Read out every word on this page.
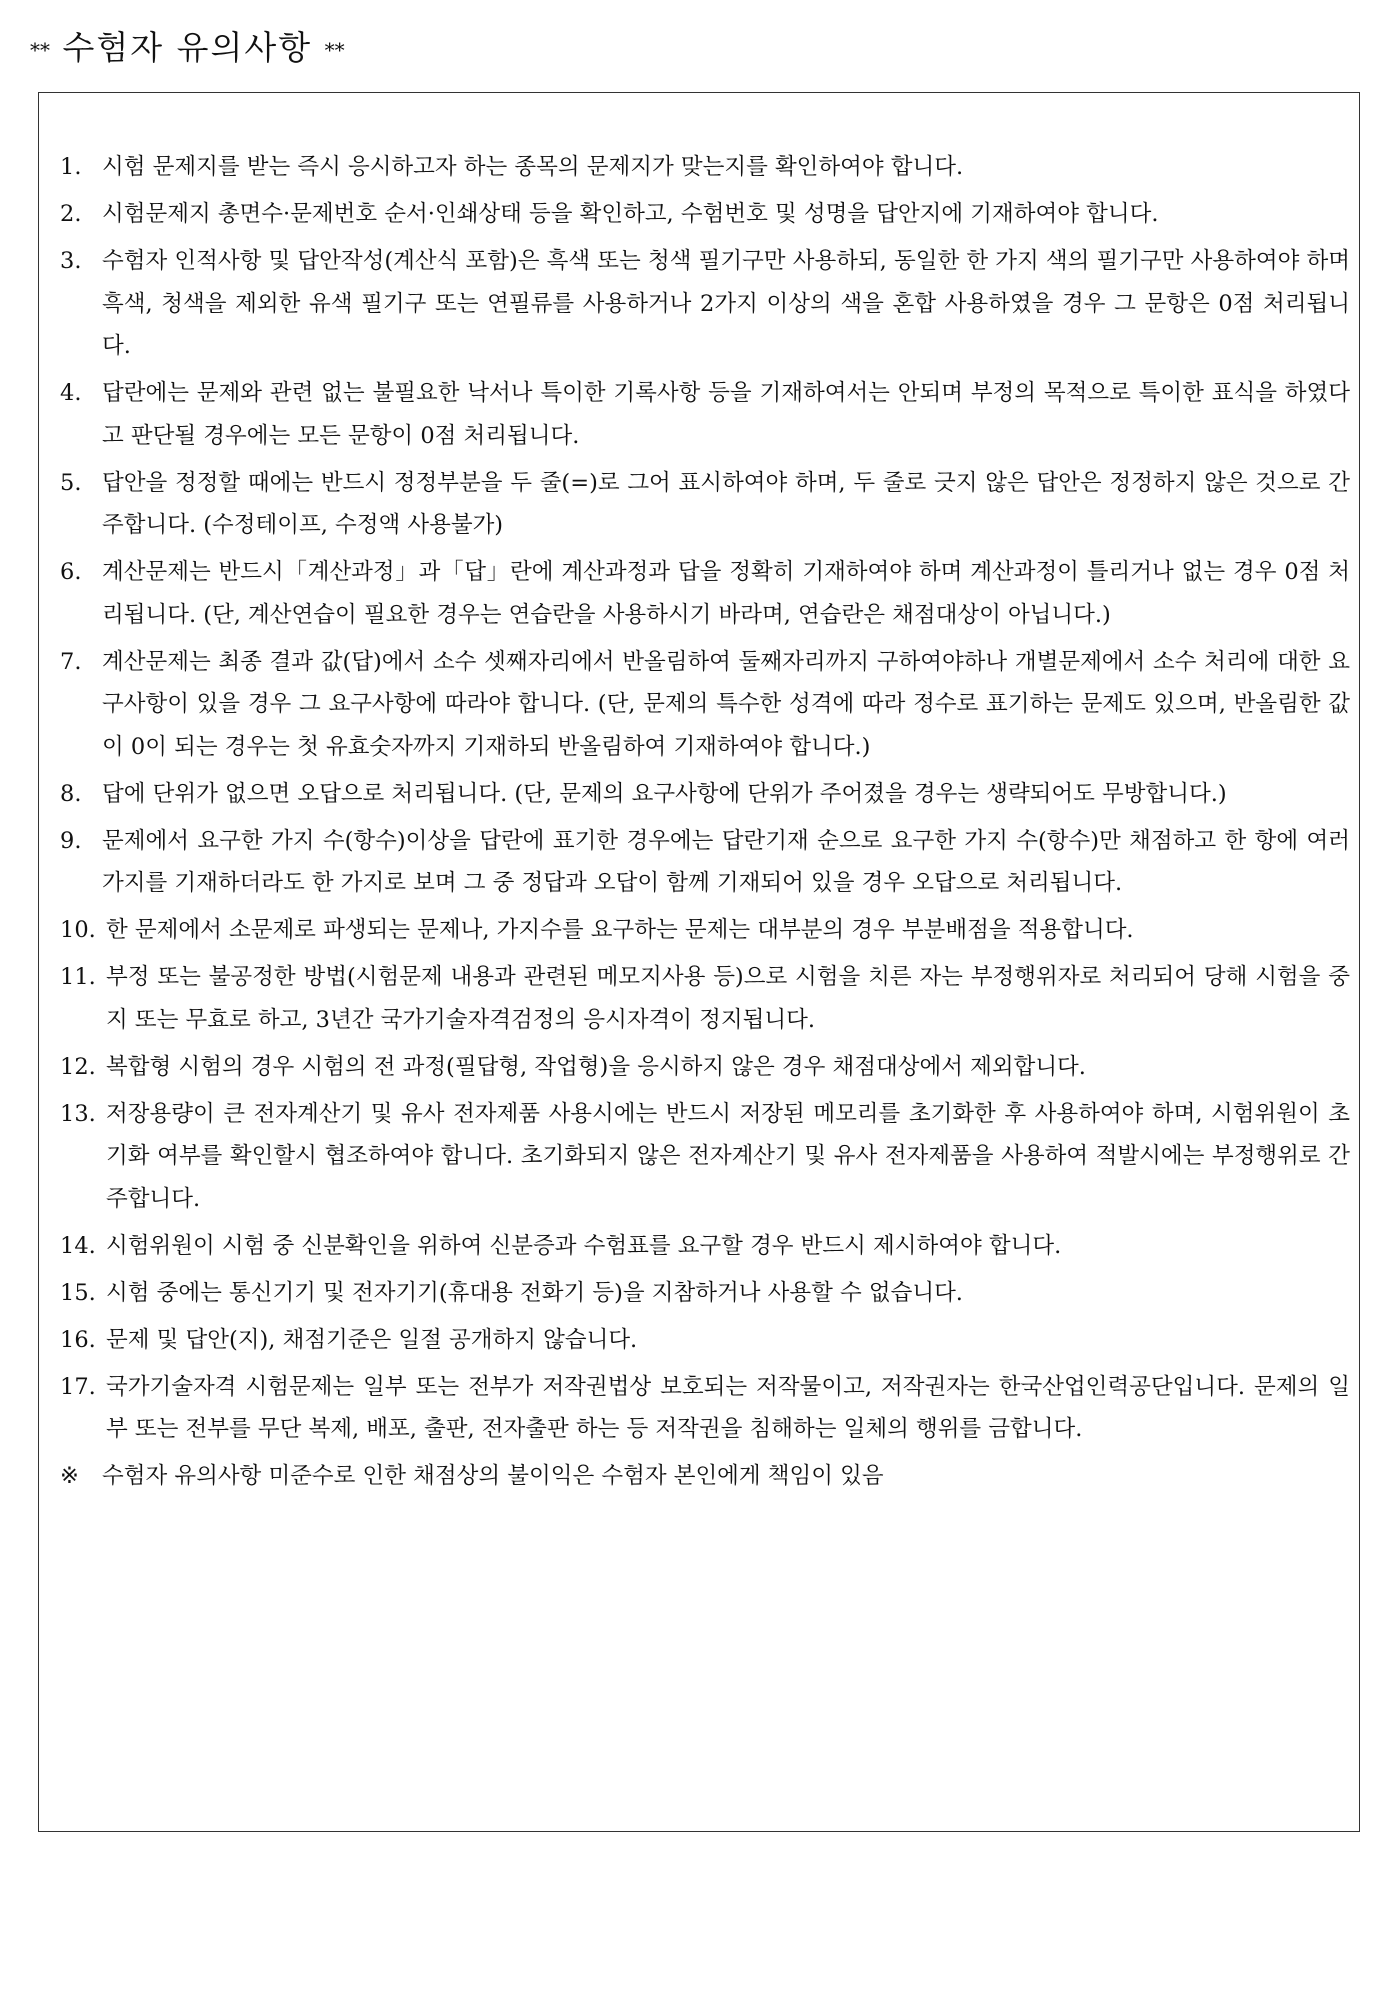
** 수험자 유의사항 **
1. 시험 문제지를 받는 즉시 응시하고자 하는 종목의 문제지가 맞는지를 확인하여야 합니다.
2. 시험문제지 총면수·문제번호 순서·인쇄상태 등을 확인하고, 수험번호 및 성명을 답안지에 기재하여야 합니다.
3. 수험자 인적사항 및 답안작성(계산식 포함)은 흑색 또는 청색 필기구만 사용하되, 동일한 한 가지 색의 필기구만 사용하여야 하며 흑색, 청색을 제외한 유색 필기구 또는 연필류를 사용하거나 2가지 이상의 색을 혼합 사용하였을 경우 그 문항은 0점 처리됩니다.
4. 답란에는 문제와 관련 없는 불필요한 낙서나 특이한 기록사항 등을 기재하여서는 안되며 부정의 목적으로 특이한 표식을 하였다고 판단될 경우에는 모든 문항이 0점 처리됩니다.
5. 답안을 정정할 때에는 반드시 정정부분을 두 줄(=)로 그어 표시하여야 하며, 두 줄로 긋지 않은 답안은 정정하지 않은 것으로 간주합니다. (수정테이프, 수정액 사용불가)
6. 계산문제는 반드시「계산과정」과「답」란에 계산과정과 답을 정확히 기재하여야 하며 계산과정이 틀리거나 없는 경우 0점 처리됩니다. (단, 계산연습이 필요한 경우는 연습란을 사용하시기 바라며, 연습란은 채점대상이 아닙니다.)
7. 계산문제는 최종 결과 값(답)에서 소수 셋째자리에서 반올림하여 둘째자리까지 구하여야하나 개별문제에서 소수 처리에 대한 요구사항이 있을 경우 그 요구사항에 따라야 합니다. (단, 문제의 특수한 성격에 따라 정수로 표기하는 문제도 있으며, 반올림한 값이 0이 되는 경우는 첫 유효숫자까지 기재하되 반올림하여 기재하여야 합니다.)
8. 답에 단위가 없으면 오답으로 처리됩니다. (단, 문제의 요구사항에 단위가 주어졌을 경우는 생략되어도 무방합니다.)
9. 문제에서 요구한 가지 수(항수)이상을 답란에 표기한 경우에는 답란기재 순으로 요구한 가지 수(항수)만 채점하고 한 항에 여러 가지를 기재하더라도 한 가지로 보며 그 중 정답과 오답이 함께 기재되어 있을 경우 오답으로 처리됩니다.
10. 한 문제에서 소문제로 파생되는 문제나, 가지수를 요구하는 문제는 대부분의 경우 부분배점을 적용합니다.
11. 부정 또는 불공정한 방법(시험문제 내용과 관련된 메모지사용 등)으로 시험을 치른 자는 부정행위자로 처리되어 당해 시험을 중지 또는 무효로 하고, 3년간 국가기술자격검정의 응시자격이 정지됩니다.
12. 복합형 시험의 경우 시험의 전 과정(필답형, 작업형)을 응시하지 않은 경우 채점대상에서 제외합니다.
13. 저장용량이 큰 전자계산기 및 유사 전자제품 사용시에는 반드시 저장된 메모리를 초기화한 후 사용하여야 하며, 시험위원이 초기화 여부를 확인할시 협조하여야 합니다. 초기화되지 않은 전자계산기 및 유사 전자제품을 사용하여 적발시에는 부정행위로 간주합니다.
14. 시험위원이 시험 중 신분확인을 위하여 신분증과 수험표를 요구할 경우 반드시 제시하여야 합니다.
15. 시험 중에는 통신기기 및 전자기기(휴대용 전화기 등)을 지참하거나 사용할 수 없습니다.
16. 문제 및 답안(지), 채점기준은 일절 공개하지 않습니다.
17. 국가기술자격 시험문제는 일부 또는 전부가 저작권법상 보호되는 저작물이고, 저작권자는 한국산업인력공단입니다. 문제의 일부 또는 전부를 무단 복제, 배포, 출판, 전자출판 하는 등 저작권을 침해하는 일체의 행위를 금합니다.
※ 수험자 유의사항 미준수로 인한 채점상의 불이익은 수험자 본인에게 책임이 있음
